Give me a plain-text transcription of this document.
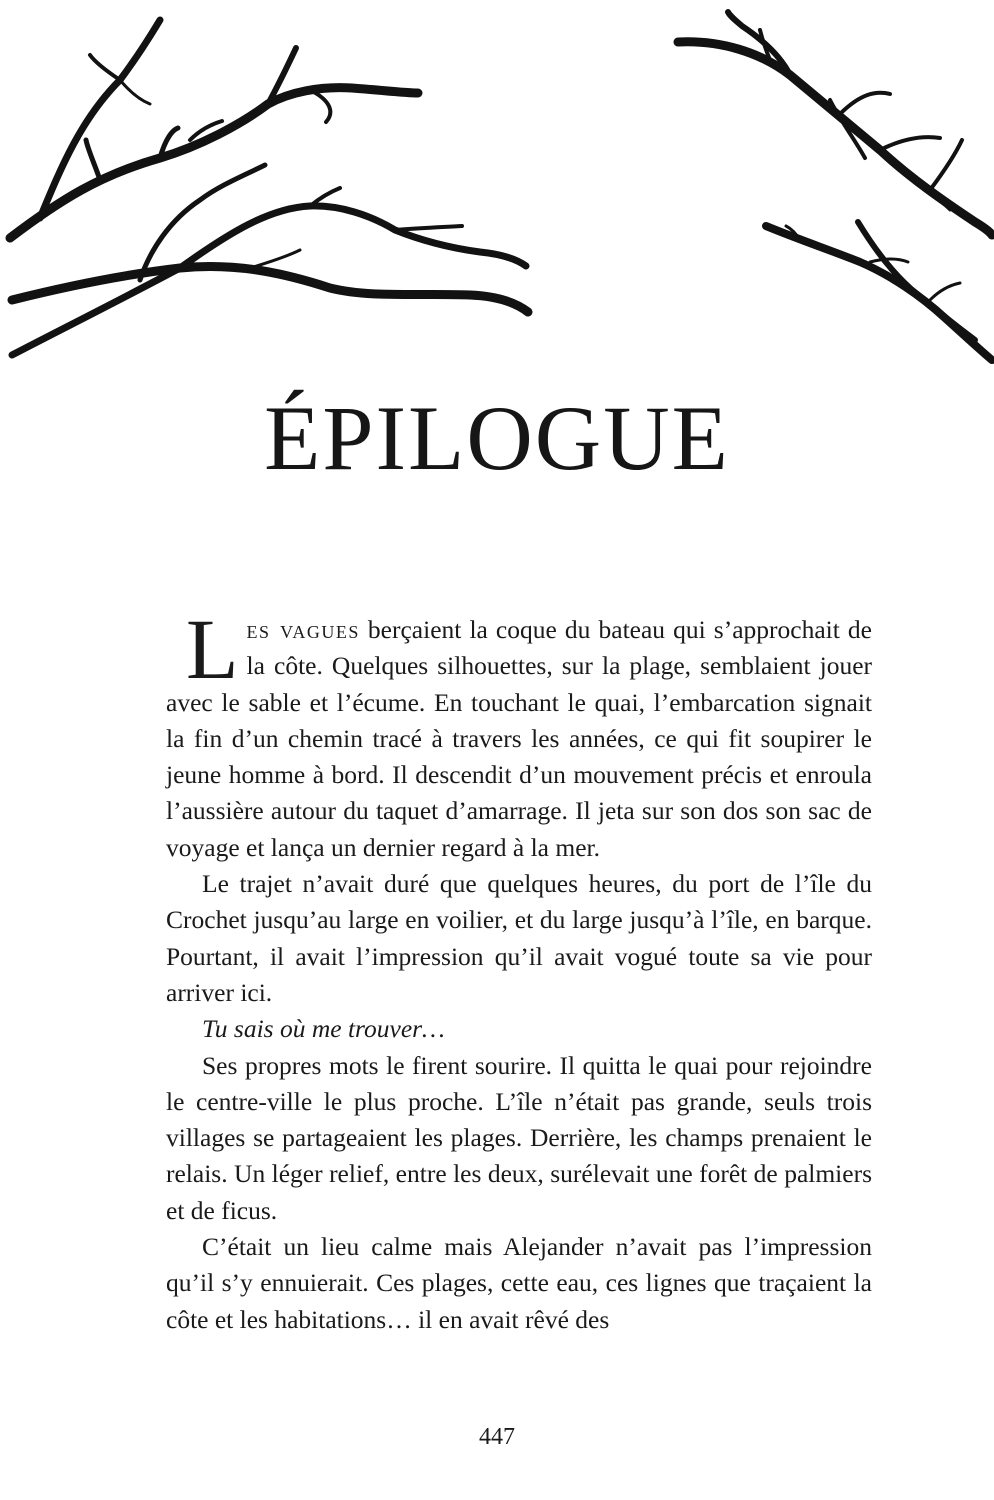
ÉPILOGUE

Les vagues berçaient la coque du bateau qui s’approchait de la côte. Quelques silhouettes, sur la plage, semblaient jouer avec le sable et l’écume. En touchant le quai, l’embarcation signait la fin d’un chemin tracé à travers les années, ce qui fit soupirer le jeune homme à bord. Il descendit d’un mouvement précis et enroula l’aussière autour du taquet d’amarrage. Il jeta sur son dos son sac de voyage et lança un dernier regard à la mer.

Le trajet n’avait duré que quelques heures, du port de l’île du Crochet jusqu’au large en voilier, et du large jusqu’à l’île, en barque. Pourtant, il avait l’impression qu’il avait vogué toute sa vie pour arriver ici.

Tu sais où me trouver…

Ses propres mots le firent sourire. Il quitta le quai pour rejoindre le centre-ville le plus proche. L’île n’était pas grande, seuls trois villages se partageaient les plages. Derrière, les champs prenaient le relais. Un léger relief, entre les deux, surélevait une forêt de palmiers et de ficus.

C’était un lieu calme mais Alejander n’avait pas l’impression qu’il s’y ennuierait. Ces plages, cette eau, ces lignes que traçaient la côte et les habitations… il en avait rêvé des

447
